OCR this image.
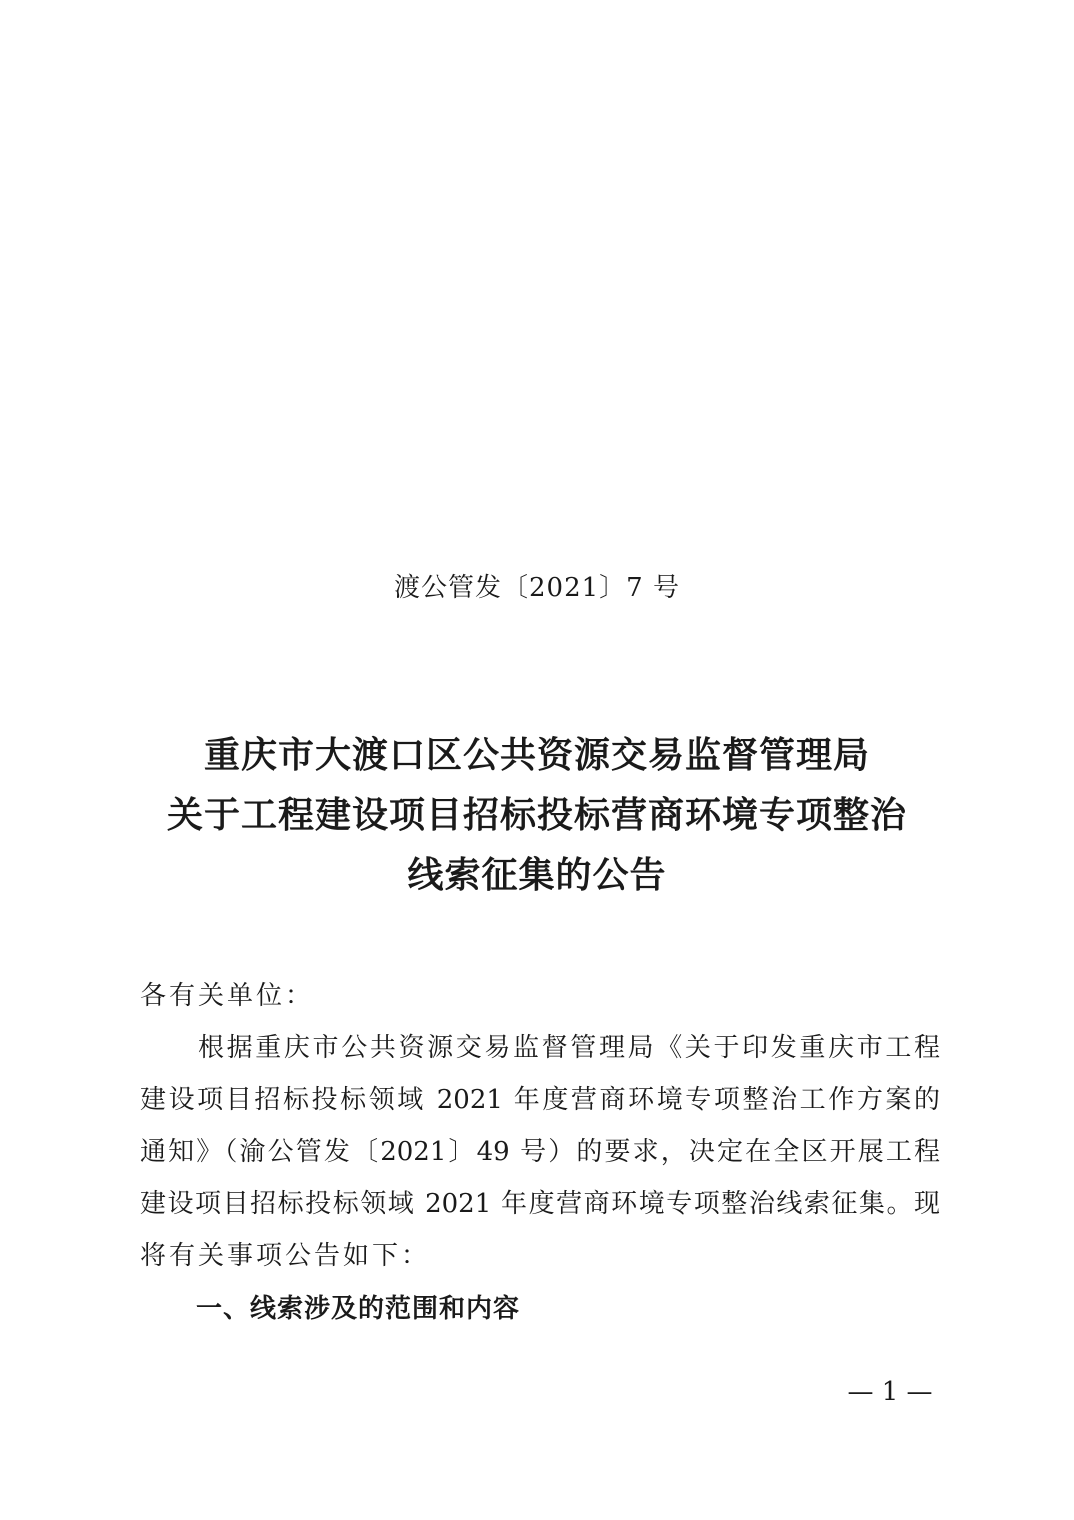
渡公管发〔2021〕7 号
重庆市大渡口区公共资源交易监督管理局
关于工程建设项目招标投标营商环境专项整治
线索征集的公告
各有关单位：
根据重庆市公共资源交易监督管理局《关于印发重庆市工程
建设项目招标投标领域 2021 年度营商环境专项整治工作方案的
通知》（渝公管发〔2021〕49 号）的要求，决定在全区开展工程
建设项目招标投标领域 2021 年度营商环境专项整治线索征集。现
将有关事项公告如下：
一、线索涉及的范围和内容
— 1 —
